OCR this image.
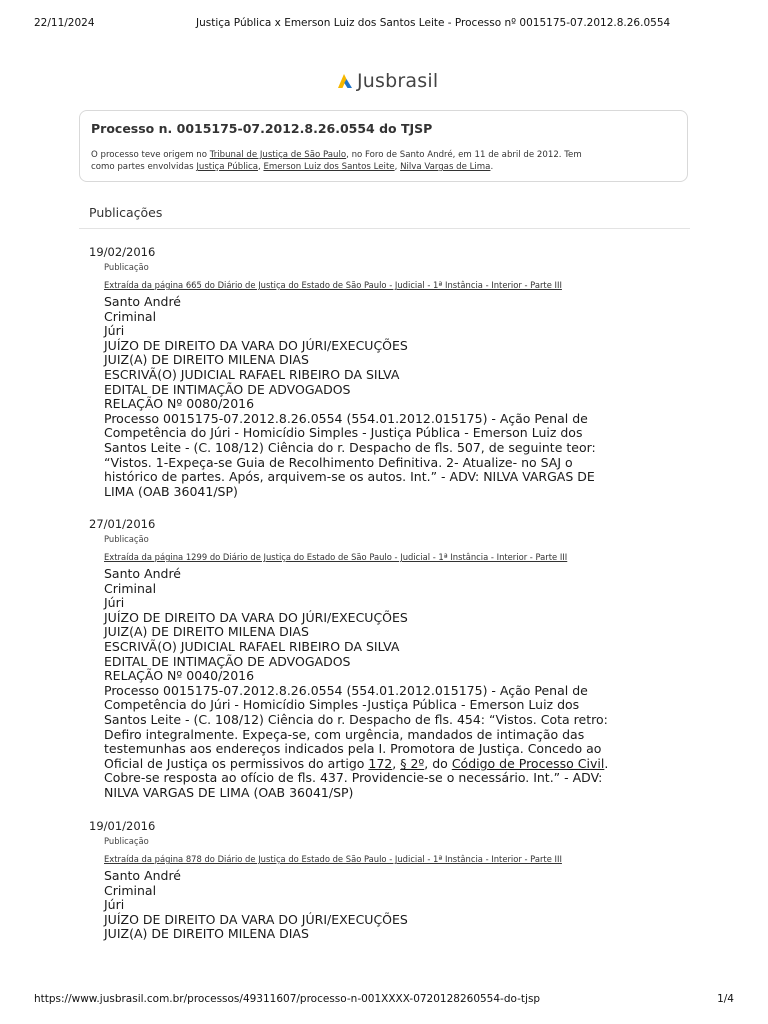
22/11/2024	Justiça Pública x Emerson Luiz dos Santos Leite - Processo nº 0015175-07.2012.8.26.0554
Jusbrasil
Processo n. 0015175-07.2012.8.26.0554 do TJSP
O processo teve origem no Tribunal de Justiça de São Paulo, no Foro de Santo André, em 11 de abril de 2012. Tem
como partes envolvidas Justiça Pública, Emerson Luiz dos Santos Leite, Nilva Vargas de Lima.
Publicações
19/02/2016
Publicação
Extraída da página 665 do Diário de Justiça do Estado de São Paulo - Judicial - 1ª Instância - Interior - Parte III
Santo André
Criminal
Júri
JUÍZO DE DIREITO DA VARA DO JÚRI/EXECUÇÕES
JUIZ(A) DE DIREITO MILENA DIAS
ESCRIVÃ(O) JUDICIAL RAFAEL RIBEIRO DA SILVA
EDITAL DE INTIMAÇÃO DE ADVOGADOS
RELAÇÃO Nº 0080/2016
Processo 0015175-07.2012.8.26.0554 (554.01.2012.015175) - Ação Penal de
Competência do Júri - Homicídio Simples - Justiça Pública - Emerson Luiz dos
Santos Leite - (C. 108/12) Ciência do r. Despacho de fls. 507, de seguinte teor:
“Vistos. 1-Expeça-se Guia de Recolhimento Definitiva. 2- Atualize- no SAJ o
histórico de partes. Após, arquivem-se os autos. Int.” - ADV: NILVA VARGAS DE
LIMA (OAB 36041/SP)
27/01/2016
Publicação
Extraída da página 1299 do Diário de Justiça do Estado de São Paulo - Judicial - 1ª Instância - Interior - Parte III
Santo André
Criminal
Júri
JUÍZO DE DIREITO DA VARA DO JÚRI/EXECUÇÕES
JUIZ(A) DE DIREITO MILENA DIAS
ESCRIVÃ(O) JUDICIAL RAFAEL RIBEIRO DA SILVA
EDITAL DE INTIMAÇÃO DE ADVOGADOS
RELAÇÃO Nº 0040/2016
Processo 0015175-07.2012.8.26.0554 (554.01.2012.015175) - Ação Penal de
Competência do Júri - Homicídio Simples -Justiça Pública - Emerson Luiz dos
Santos Leite - (C. 108/12) Ciência do r. Despacho de fls. 454: “Vistos. Cota retro:
Defiro integralmente. Expeça-se, com urgência, mandados de intimação das
testemunhas aos endereços indicados pela I. Promotora de Justiça. Concedo ao
Oficial de Justiça os permissivos do artigo 172, § 2º, do Código de Processo Civil.
Cobre-se resposta ao ofício de fls. 437. Providencie-se o necessário. Int.” - ADV:
NILVA VARGAS DE LIMA (OAB 36041/SP)
19/01/2016
Publicação
Extraída da página 878 do Diário de Justiça do Estado de São Paulo - Judicial - 1ª Instância - Interior - Parte III
Santo André
Criminal
Júri
JUÍZO DE DIREITO DA VARA DO JÚRI/EXECUÇÕES
JUIZ(A) DE DIREITO MILENA DIAS
https://www.jusbrasil.com.br/processos/49311607/processo-n-001XXXX-0720128260554-do-tjsp	1/4
